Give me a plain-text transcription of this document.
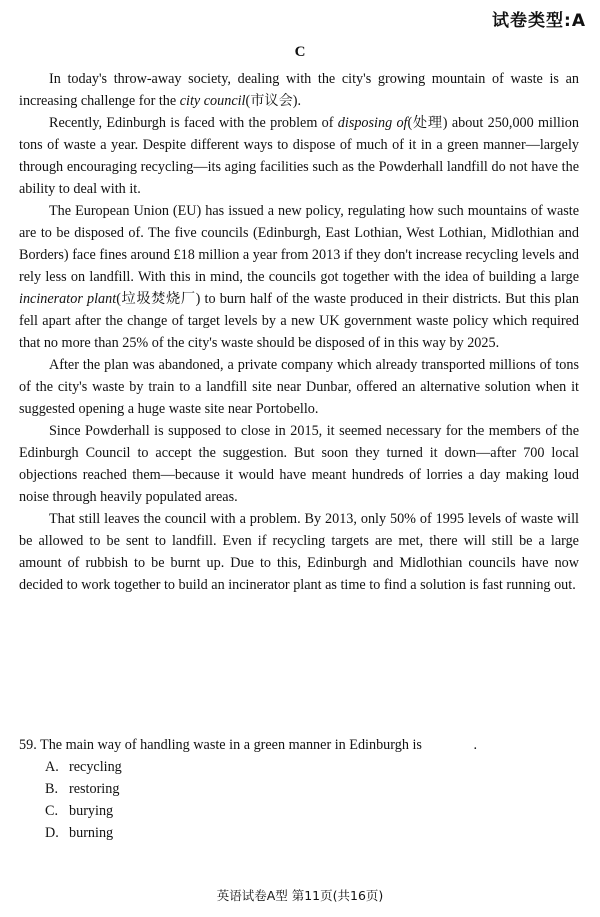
试卷类型:A
C

In today's throw-away society, dealing with the city's growing mountain of waste is an increasing challenge for the city council(市议会).

Recently, Edinburgh is faced with the problem of disposing of(处理) about 250,000 million tons of waste a year. Despite different ways to dispose of much of it in a green manner—largely through encouraging recycling—its aging facilities such as the Powderhall landfill do not have the ability to deal with it.

The European Union (EU) has issued a new policy, regulating how such mountains of waste are to be disposed of. The five councils (Edinburgh, East Lothian, West Lothian, Midlothian and Borders) face fines around £18 million a year from 2013 if they don't increase recycling levels and rely less on landfill. With this in mind, the councils got together with the idea of building a large incinerator plant(垃圾焚烧厂) to burn half of the waste produced in their districts. But this plan fell apart after the change of target levels by a new UK government waste policy which required that no more than 25% of the city's waste should be disposed of in this way by 2025.

After the plan was abandoned, a private company which already transported millions of tons of the city's waste by train to a landfill site near Dunbar, offered an alternative solution when it suggested opening a huge waste site near Portobello.

Since Powderhall is supposed to close in 2015, it seemed necessary for the members of the Edinburgh Council to accept the suggestion. But soon they turned it down—after 700 local objections reached them—because it would have meant hundreds of lorries a day making loud noise through heavily populated areas.

That still leaves the council with a problem. By 2013, only 50% of 1995 levels of waste will be allowed to be sent to landfill. Even if recycling targets are met, there will still be a large amount of rubbish to be burnt up. Due to this, Edinburgh and Midlothian councils have now decided to work together to build an incinerator plant as time to find a solution is fast running out.

59. The main way of handling waste in a green manner in Edinburgh is	.

A. recycling
B. restoring
C. burying
D. burning
英语试卷A型 第11页(共16页)
